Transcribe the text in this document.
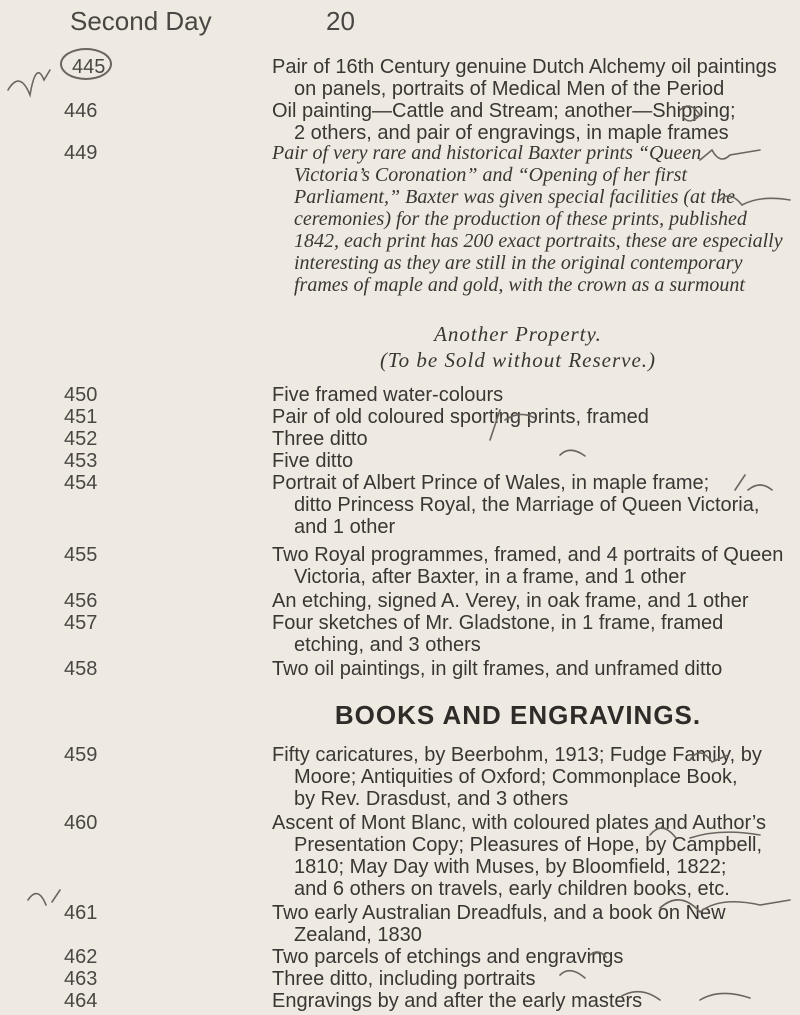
Second Day	20
445	Pair of 16th Century genuine Dutch Alchemy oil paintings
on panels, portraits of Medical Men of the Period
446	Oil painting—Cattle and Stream; another—Shipping;
2 others, and pair of engravings, in maple frames
449	Pair of very rare and historical Baxter prints “Queen
Victoria’s Coronation” and “Opening of her first
Parliament,” Baxter was given special facilities (at the
ceremonies) for the production of these prints, published
1842, each print has 200 exact portraits, these are especially
interesting as they are still in the original contemporary
frames of maple and gold, with the crown as a surmount
Another Property.
(To be Sold without Reserve.)
450	Five framed water-colours
451	Pair of old coloured sporting prints, framed
452	Three ditto
453	Five ditto
454	Portrait of Albert Prince of Wales, in maple frame;
ditto Princess Royal, the Marriage of Queen Victoria,
and 1 other
455	Two Royal programmes, framed, and 4 portraits of Queen
Victoria, after Baxter, in a frame, and 1 other
456	An etching, signed A. Verey, in oak frame, and 1 other
457	Four sketches of Mr. Gladstone, in 1 frame, framed
etching, and 3 others
458	Two oil paintings, in gilt frames, and unframed ditto
BOOKS AND ENGRAVINGS.
459	Fifty caricatures, by Beerbohm, 1913; Fudge Family, by
Moore; Antiquities of Oxford; Commonplace Book,
by Rev. Drasdust, and 3 others
460	Ascent of Mont Blanc, with coloured plates and Author’s
Presentation Copy; Pleasures of Hope, by Campbell,
1810; May Day with Muses, by Bloomfield, 1822;
and 6 others on travels, early children books, etc.
461	Two early Australian Dreadfuls, and a book on New
Zealand, 1830
462	Two parcels of etchings and engravings
463	Three ditto, including portraits
464	Engravings by and after the early masters
